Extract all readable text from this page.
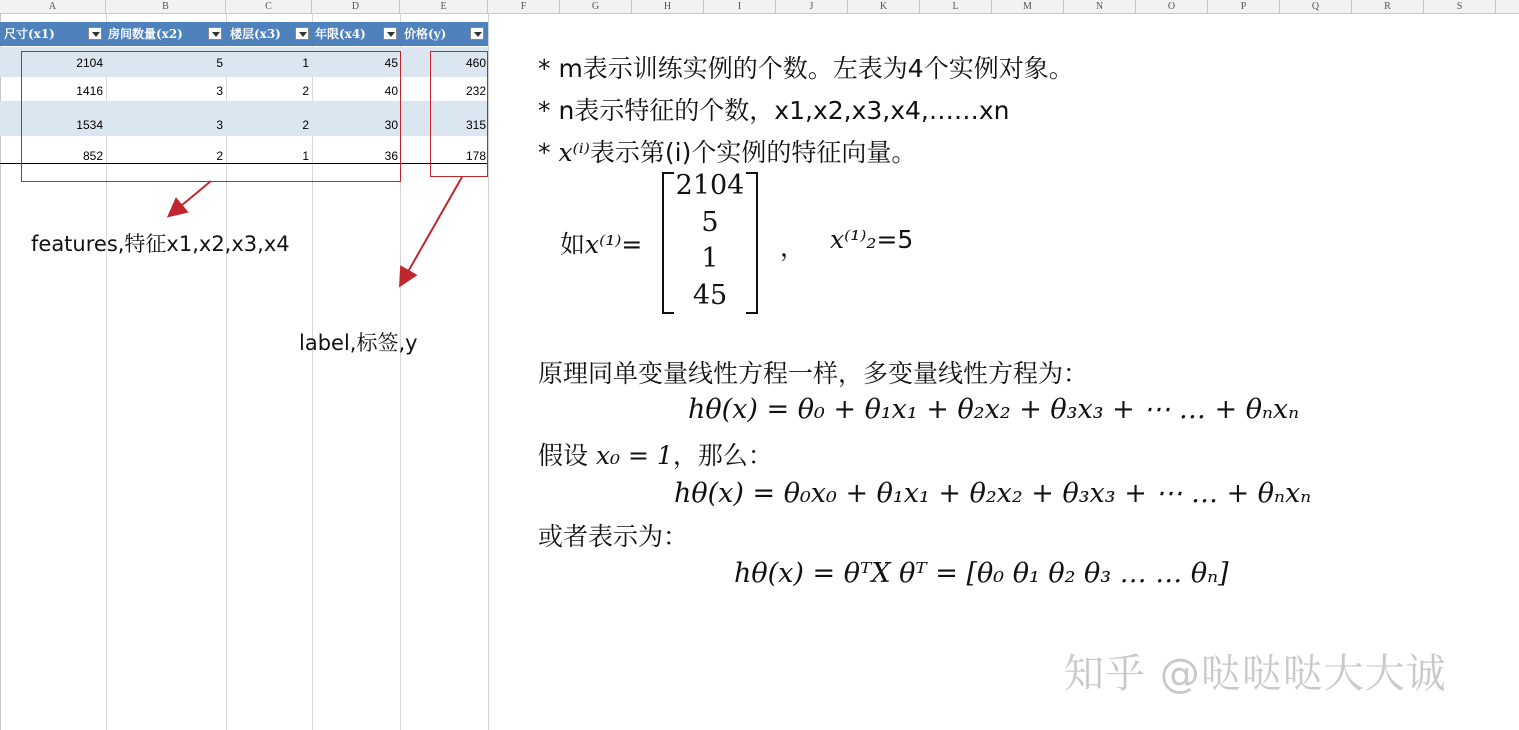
A	B	C	D	E	F	G	H	I	J	K	L	M	N	O	P	Q	R	S
尺寸(x1)	房间数量(x2)	楼层(x3)	年限(x4)	价格(y)
2104	5	1	45	460
1416	3	2	40	232
1534	3	2	30	315
852	2	1	36	178
features,特征x1,x2,x3,x4
label,标签,y
* m表示训练实例的个数。左表为4个实例对象。
* n表示特征的个数，x1,x2,x3,x4,……xn
* x⁽ⁱ⁾表示第(i)个实例的特征向量。
如x⁽¹⁾=
2104
5
1
45
， x⁽¹⁾₂=5
原理同单变量线性方程一样，多变量线性方程为：
hθ(x) = θ₀ + θ₁x₁ + θ₂x₂ + θ₃x₃ + ⋯ … + θₙxₙ
假设 x₀ = 1，那么：
hθ(x) = θ₀x₀ + θ₁x₁ + θ₂x₂ + θ₃x₃ + ⋯ … + θₙxₙ
或者表示为：
hθ(x) = θᵀX θᵀ = [θ₀ θ₁ θ₂ θ₃ … … θₙ]
知乎 @哒哒哒大大诚
